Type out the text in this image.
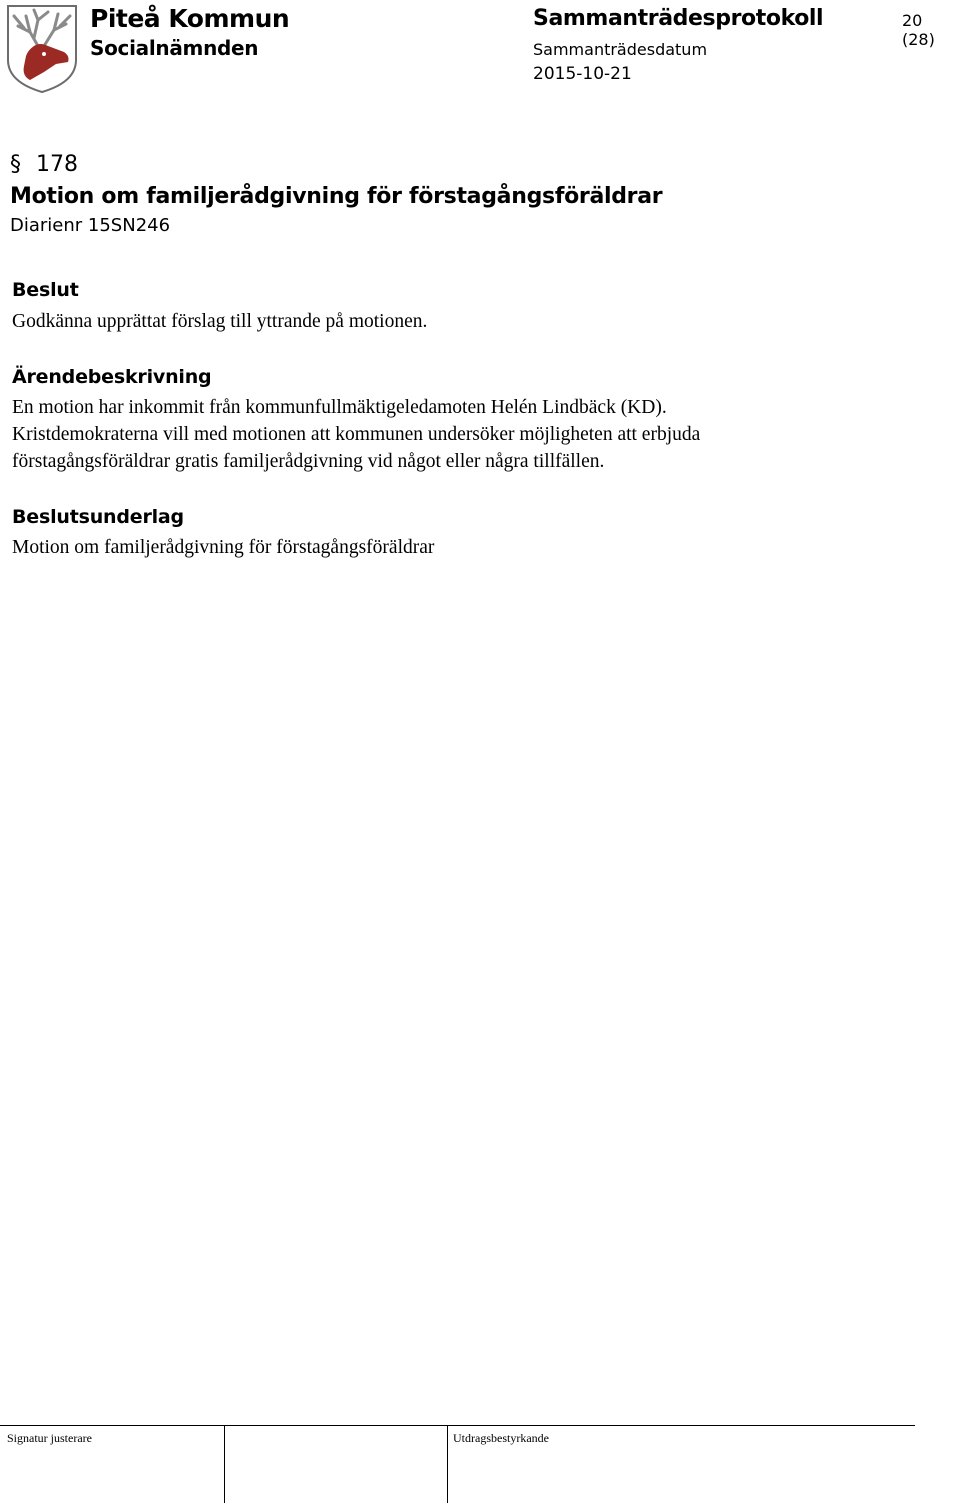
Piteå Kommun
Socialnämnden
Sammanträdesprotokoll
Sammanträdesdatum
2015-10-21
20 (28)
§ 178
Motion om familjerådgivning för förstagångsföräldrar
Diarienr 15SN246
Beslut
Godkänna upprättat förslag till yttrande på motionen.
Ärendebeskrivning
En motion har inkommit från kommunfullmäktigeledamoten Helén Lindbäck (KD).
Kristdemokraterna vill med motionen att kommunen undersöker möjligheten att erbjuda
förstagångsföräldrar gratis familjerådgivning vid något eller några tillfällen.
Beslutsunderlag
Motion om familjerådgivning för förstagångsföräldrar
Signatur justerare	Utdragsbestyrkande
